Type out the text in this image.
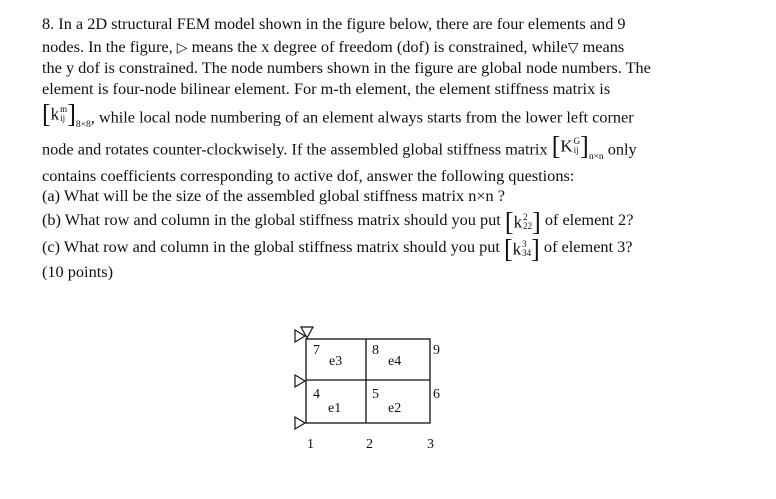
8. In a 2D structural FEM model shown in the figure below, there are four elements and 9
nodes. In the figure, ▷ means the x degree of freedom (dof) is constrained, while▽ means
the y dof is constrained. The node numbers shown in the figure are global node numbers. The
element is four-node bilinear element. For m-th element, the element stiffness matrix is
[k m
ij ]$_{8\times 8}$, while local node numbering of an element always starts from the lower left corner
node and rotates counter-clockwisely. If the assembled global stiffness matrix [K G
ij ]$_{n\times n}$ only
contains coefficients corresponding to active dof, answer the following questions:
(a) What will be the size of the assembled global stiffness matrix n×n ?
(b) What row and column in the global stiffness matrix should you put [k 2
22 ] of element 2?
(c) What row and column in the global stiffness matrix should you put [k 3
34 ] of element 3?
(10 points)
7	8	9
4	5	6
1	2	3
e3	e4
e1	e2
